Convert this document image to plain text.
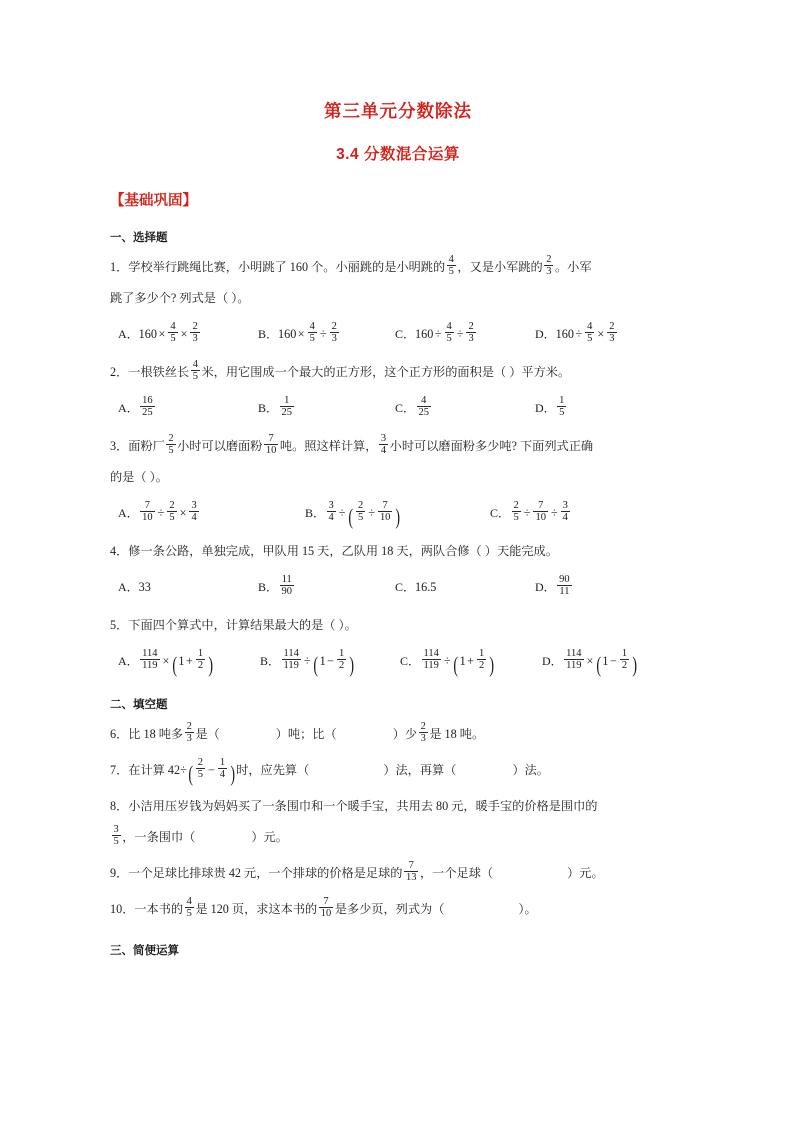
第三单元分数除法
3.4 分数混合运算
【基础巩固】
一、选择题
1．学校举行跳绳比赛，小明跳了 160 个。小丽跳的是小明跳的 $\frac{4}{5}$ ，又是小军跳的 $\frac{2}{3}$ 。小军
跳了多少个? 列式是（ ）。
A．$160 \times \frac{4}{5} \times \frac{2}{3}$	B．$160 \times \frac{4}{5} \div \frac{2}{3}$	C．$160 \div \frac{4}{5} \div \frac{2}{3}$	D．$160 \div \frac{4}{5} \times \frac{2}{3}$
2．一根铁丝长 $\frac{4}{5}$ 米，用它围成一个最大的正方形，这个正方形的面积是（ ）平方米。
A． $\frac{16}{25}$	B． $\frac{1}{25}$	C． $\frac{4}{25}$	D． $\frac{1}{5}$
3．面粉厂 $\frac{2}{5}$ 小时可以磨面粉 $\frac{7}{10}$ 吨。照这样计算， $\frac{3}{4}$ 小时可以磨面粉多少吨? 下面列式正确
的是（ ）。
A． $\frac{7}{10} \div \frac{2}{5} \times \frac{3}{4}$	B． $\frac{3}{4}$ ÷ ( $\frac{2}{5} \div \frac{7}{10}$ )	C． $\frac{2}{5} \div \frac{7}{10} \div \frac{3}{4}$
4．修一条公路，单独完成，甲队用 15 天，乙队用 18 天，两队合修（ ）天能完成。
A．33	B． $\frac{11}{90}$	C．16.5	D． $\frac{90}{11}$
5．下面四个算式中，计算结果最大的是（ ）。
A． $\frac{114}{119} \times (1 + \frac{1}{2}$ )	B． $\frac{114}{119} \div (1 - \frac{1}{2}$ )	C． $\frac{114}{119} \div (1 + \frac{1}{2}$ )	D． $\frac{114}{119} \times (1 - \frac{1}{2}$ )
二、填空题
6．比 18 吨多 $\frac{2}{3}$ 是（	）吨；比（	）少 $\frac{2}{3}$ 是 18 吨。
7．在计算 $42\div( \frac{2}{5} - \frac{1}{4}$ )时，应先算（	）法，再算（	）法。
8．小洁用压岁钱为妈妈买了一条围巾和一个暖手宝，共用去 80 元，暖手宝的价格是围巾的

$\frac{3}{5}$ ，一条围巾（	）元。
9．一个足球比排球贵 42 元，一个排球的价格是足球的 $\frac{7}{13}$ ，一个足球（	）元。
10．一本书的 $\frac{4}{5}$ 是 120 页，求这本书的 $\frac{7}{10}$ 是多少页，列式为（	）。
三、简便运算
